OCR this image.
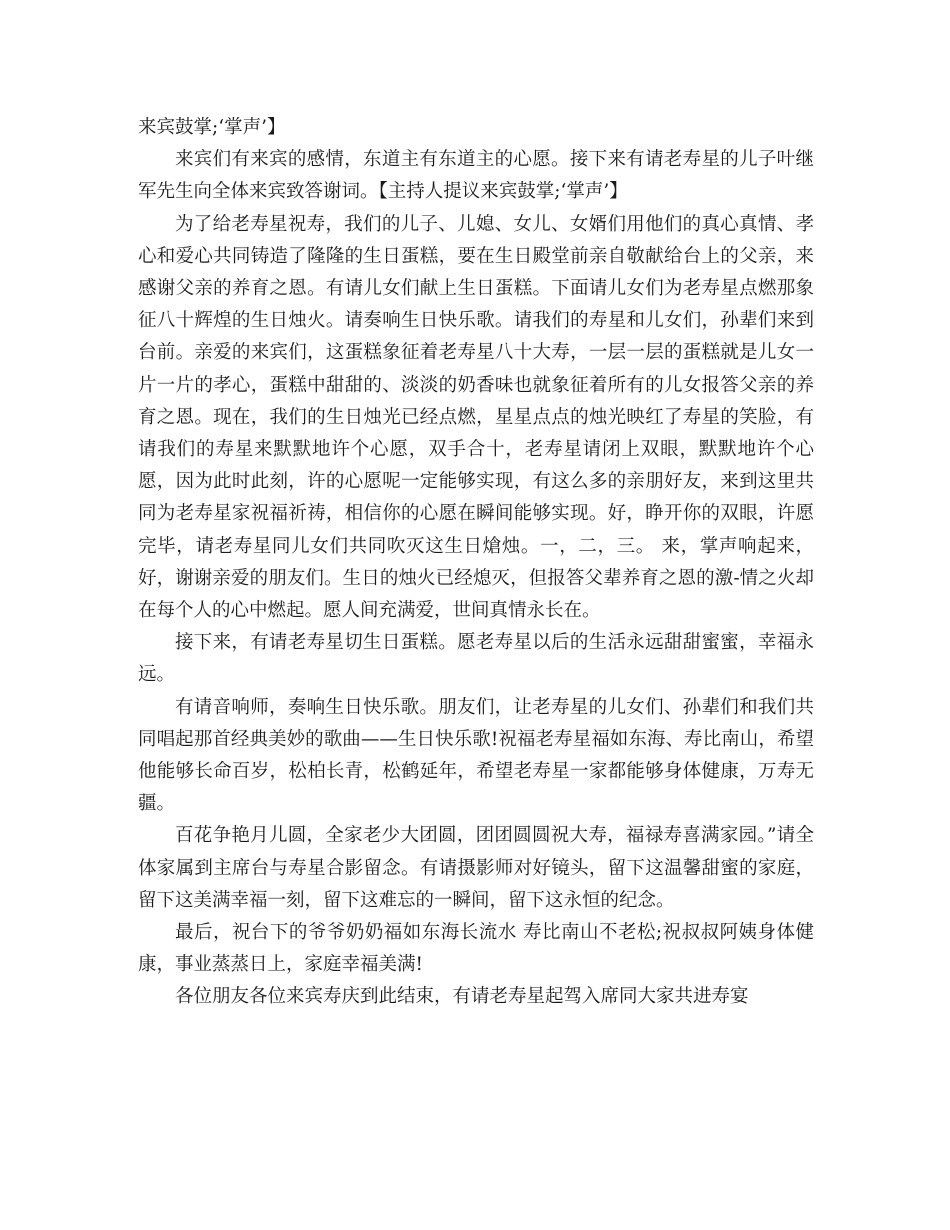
来宾鼓掌;‘掌声’】

来宾们有来宾的感情，东道主有东道主的心愿。接下来有请老寿星的儿子叶继军先生向全体来宾致答谢词。【主持人提议来宾鼓掌;‘掌声’】

为了给老寿星祝寿，我们的儿子、儿媳、女儿、女婿们用他们的真心真情、孝心和爱心共同铸造了隆隆的生日蛋糕，要在生日殿堂前亲自敬献给台上的父亲，来感谢父亲的养育之恩。有请儿女们献上生日蛋糕。下面请儿女们为老寿星点燃那象征八十辉煌的生日烛火。请奏响生日快乐歌。请我们的寿星和儿女们，孙辈们来到台前。亲爱的来宾们，这蛋糕象征着老寿星八十大寿，一层一层的蛋糕就是儿女一片一片的孝心，蛋糕中甜甜的、淡淡的奶香味也就象征着所有的儿女报答父亲的养育之恩。现在，我们的生日烛光已经点燃，星星点点的烛光映红了寿星的笑脸，有请我们的寿星来默默地许个心愿，双手合十，老寿星请闭上双眼，默默地许个心愿，因为此时此刻，许的心愿呢一定能够实现，有这么多的亲朋好友，来到这里共同为老寿星家祝福祈祷，相信你的心愿在瞬间能够实现。好，睁开你的双眼，许愿完毕，请老寿星同儿女们共同吹灭这生日熗烛。一，二，三。 来，掌声响起来， 好，谢谢亲爱的朋友们。生日的烛火已经熄灭，但报答父辈养育之恩的激-情之火却在每个人的心中燃起。愿人间充满爱，世间真情永长在。

接下来，有请老寿星切生日蛋糕。愿老寿星以后的生活永远甜甜蜜蜜，幸福永远。

有请音响师，奏响生日快乐歌。朋友们，让老寿星的儿女们、孙辈们和我们共同唱起那首经典美妙的歌曲——生日快乐歌!祝福老寿星福如东海、寿比南山，希望他能够长命百岁，松柏长青，松鹤延年，希望老寿星一家都能够身体健康，万寿无疆。

百花争艳月儿圆，全家老少大团圆，团团圆圆祝大寿，福禄寿喜满家园。”请全体家属到主席台与寿星合影留念。有请摄影师对好镜头，留下这温馨甜蜜的家庭，留下这美满幸福一刻，留下这难忘的一瞬间，留下这永恒的纪念。

最后，祝台下的爷爷奶奶福如东海长流水 寿比南山不老松;祝叔叔阿姨身体健康，事业蒸蒸日上，家庭幸福美满!

各位朋友各位来宾寿庆到此结束，有请老寿星起驾入席同大家共进寿宴
